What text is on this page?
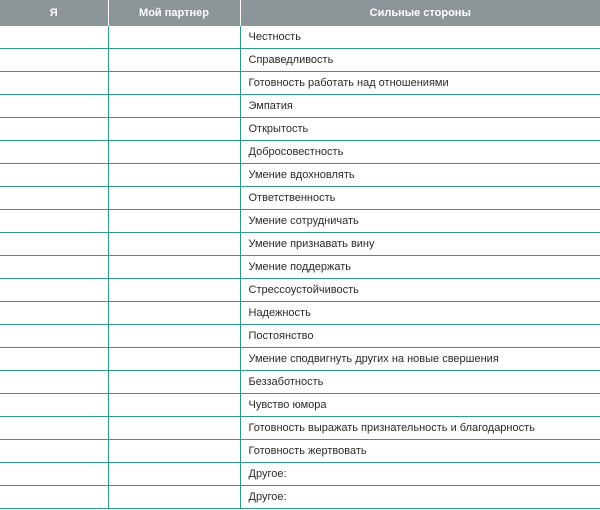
Я	Мой партнер	Сильные стороны
		Честность
		Справедливость
		Готовность работать над отношениями
		Эмпатия
		Открытость
		Добросовестность
		Умение вдохновлять
		Ответственность
		Умение сотрудничать
		Умение признавать вину
		Умение поддержать
		Стрессоустойчивость
		Надежность
		Постоянство
		Умение сподвигнуть других на новые свершения
		Беззаботность
		Чувство юмора
		Готовность выражать признательность и благодарность
		Готовность жертвовать
		Другое:
		Другое:
